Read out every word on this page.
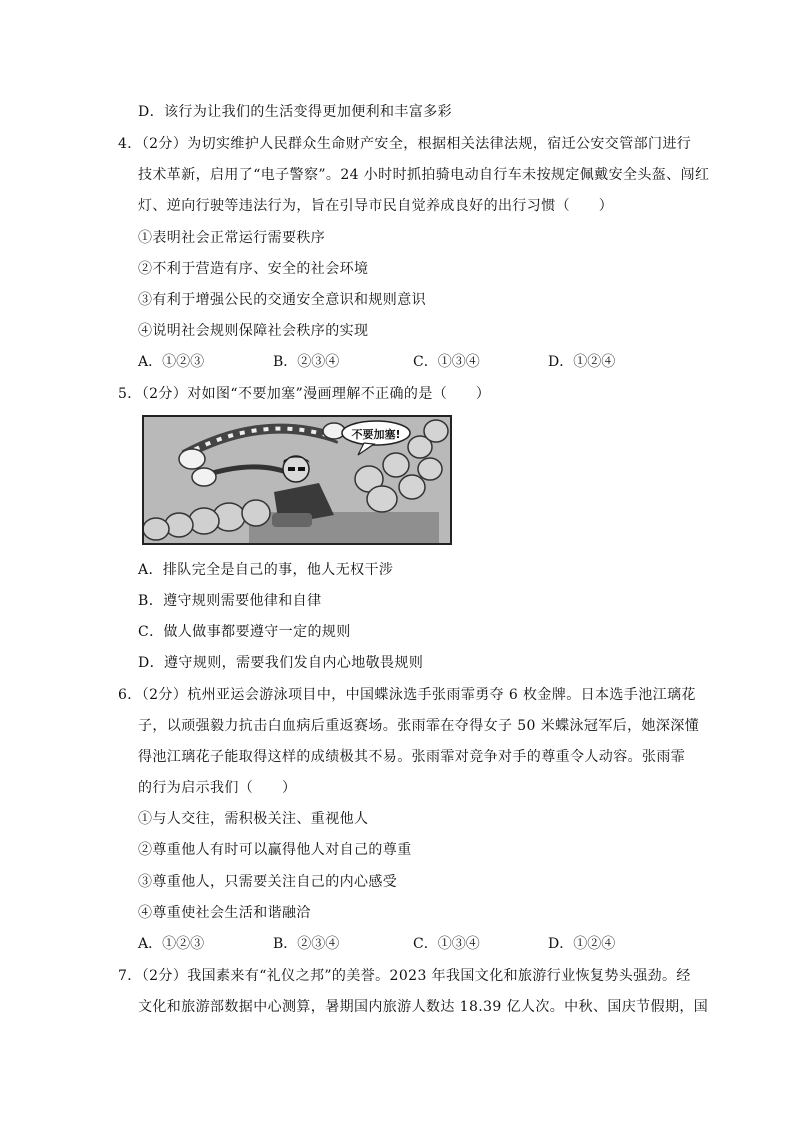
D．该行为让我们的生活变得更加便利和丰富多彩
4．（2分）为切实维护人民群众生命财产安全，根据相关法律法规，宿迁公安交管部门进行
技术革新，启用了“电子警察”。24 小时时抓拍骑电动自行车未按规定佩戴安全头盔、闯红
灯、逆向行驶等违法行为，旨在引导市民自觉养成良好的出行习惯（　　）
①表明社会正常运行需要秩序
②不利于营造有序、安全的社会环境
③有利于增强公民的交通安全意识和规则意识
④说明社会规则保障社会秩序的实现
A．①②③	B．②③④	C．①③④	D．①②④
5．（2分）对如图“不要加塞”漫画理解不正确的是（　　）
不要加塞!
A．排队完全是自己的事，他人无权干涉
B．遵守规则需要他律和自律
C．做人做事都要遵守一定的规则
D．遵守规则，需要我们发自内心地敬畏规则
6．（2分）杭州亚运会游泳项目中，中国蝶泳选手张雨霏勇夺 6 枚金牌。日本选手池江璃花
子，以顽强毅力抗击白血病后重返赛场。张雨霏在夺得女子 50 米蝶泳冠军后，她深深懂
得池江璃花子能取得这样的成绩极其不易。张雨霏对竞争对手的尊重令人动容。张雨霏
的行为启示我们（　　）
①与人交往，需积极关注、重视他人
②尊重他人有时可以赢得他人对自己的尊重
③尊重他人，只需要关注自己的内心感受
④尊重使社会生活和谐融洽
A．①②③	B．②③④	C．①③④	D．①②④
7．（2分）我国素来有“礼仪之邦”的美誉。2023 年我国文化和旅游行业恢复势头强劲。经
文化和旅游部数据中心测算，暑期国内旅游人数达 18.39 亿人次。中秋、国庆节假期，国
